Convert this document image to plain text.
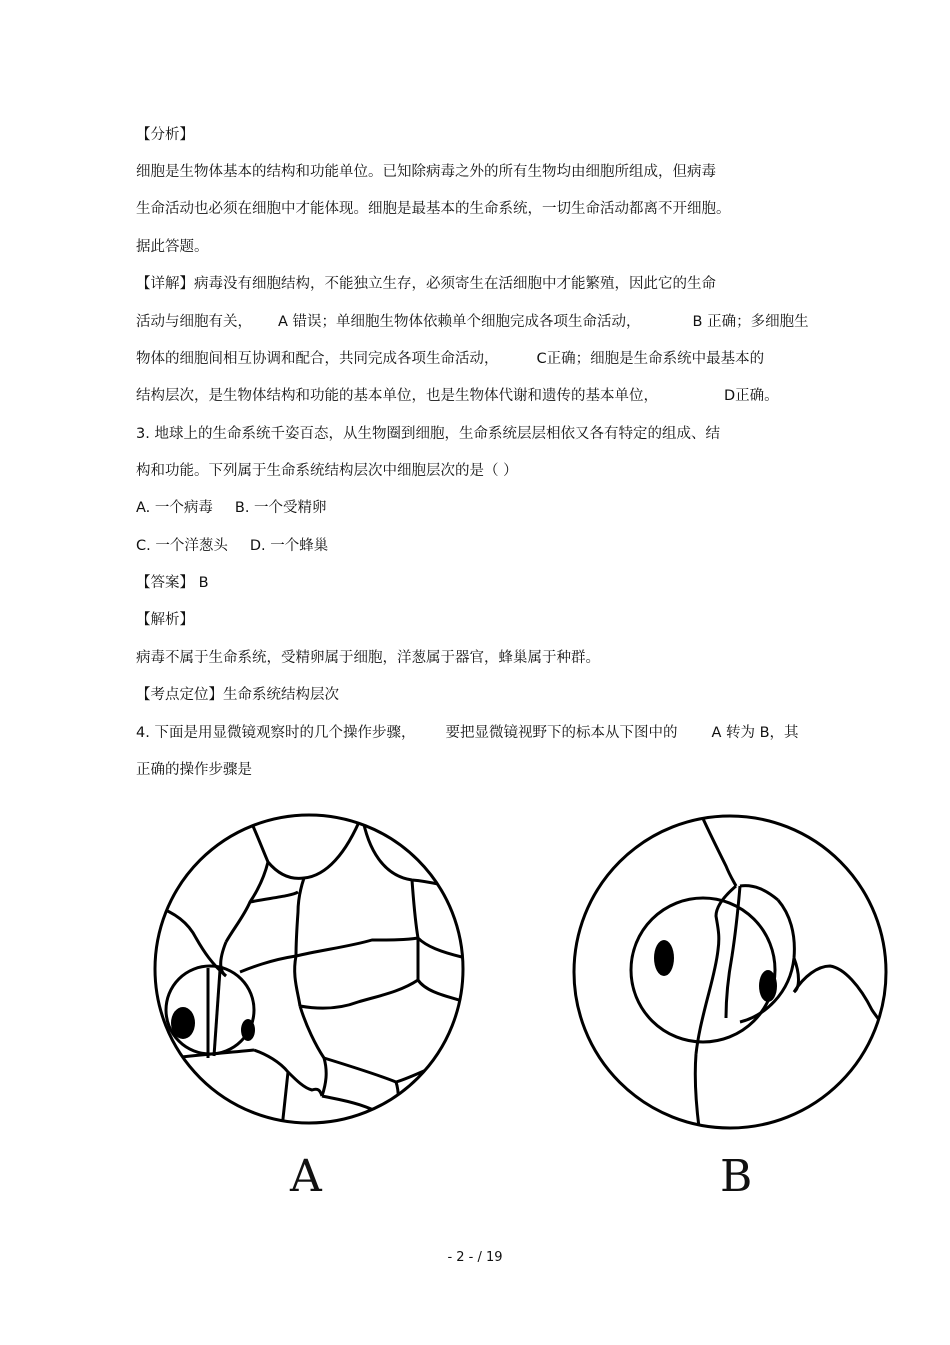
【分析】
细胞是生物体基本的结构和功能单位。已知除病毒之外的所有生物均由细胞所组成，但病毒
生命活动也必须在细胞中才能体现。细胞是最基本的生命系统，一切生命活动都离不开细胞。
据此答题。
【详解】病毒没有细胞结构，不能独立生存，必须寄生在活细胞中才能繁殖，因此它的生命
活动与细胞有关， A 错误；单细胞生物体依赖单个细胞完成各项生命活动，	B 正确；多细胞生
物体的细胞间相互协调和配合，共同完成各项生命活动，	C正确；细胞是生命系统中最基本的
结构层次，是生物体结构和功能的基本单位，也是生物体代谢和遗传的基本单位，	D正确。
3. 地球上的生命系统千姿百态，从生物圈到细胞，生命系统层层相依又各有特定的组成、结
构和功能。下列属于生命系统结构层次中细胞层次的是（ ）
A. 一个病毒 B. 一个受精卵
C. 一个洋葱头 D. 一个蜂巢
【答案】 B
【解析】
病毒不属于生命系统，受精卵属于细胞，洋葱属于器官，蜂巢属于种群。
【考点定位】生命系统结构层次
4. 下面是用显微镜观察时的几个操作步骤， 要把显微镜视野下的标本从下图中的 A 转为 B，其
正确的操作步骤是
A	B
- 2 - / 19
